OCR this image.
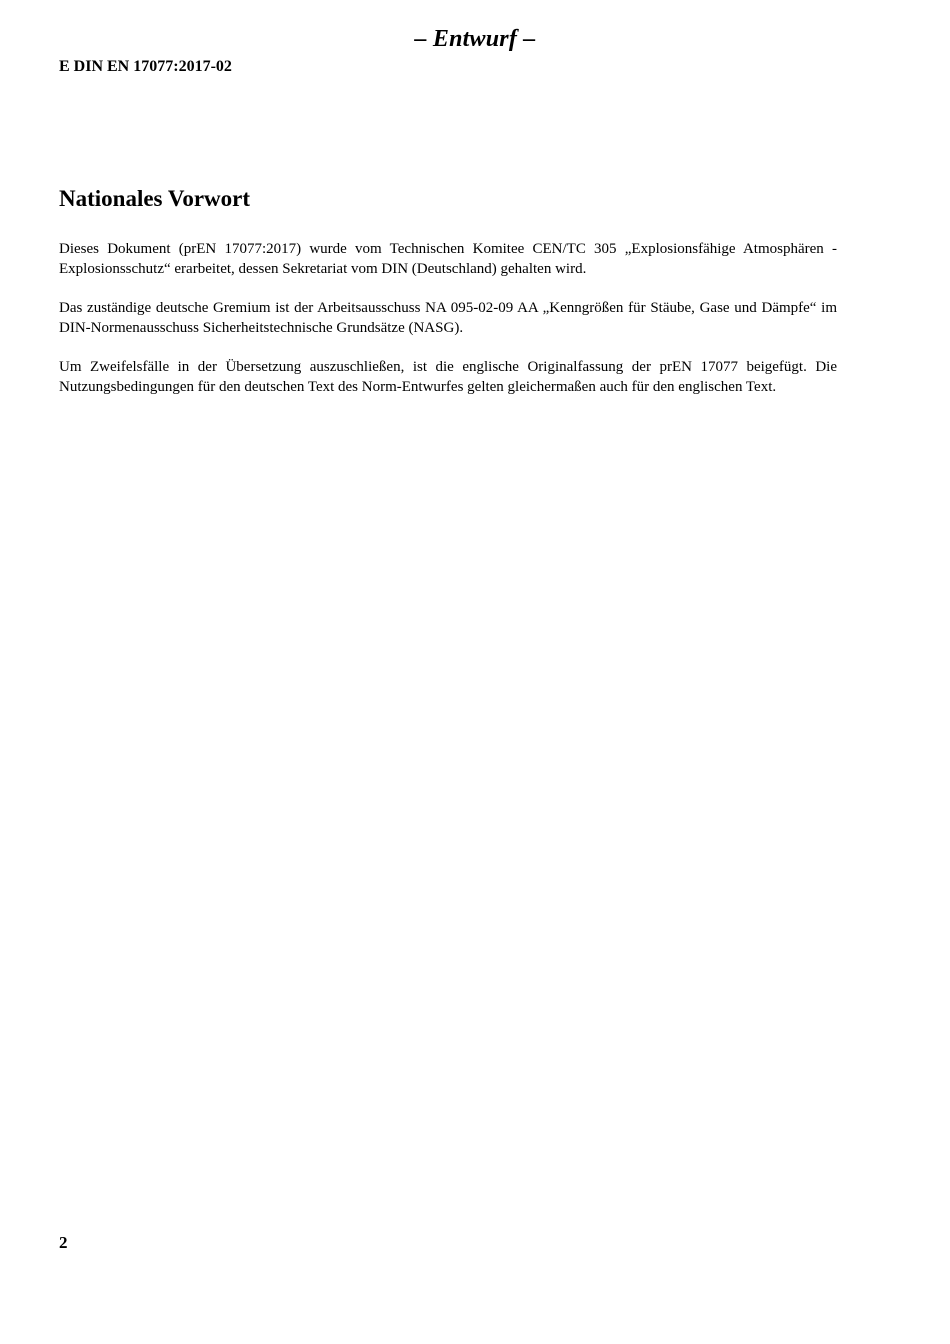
– Entwurf –
E DIN EN 17077:2017-02
Nationales Vorwort

Dieses Dokument (prEN 17077:2017) wurde vom Technischen Komitee CEN/TC 305 „Explosionsfähige Atmosphären - Explosionsschutz“ erarbeitet, dessen Sekretariat vom DIN (Deutschland) gehalten wird.

Das zuständige deutsche Gremium ist der Arbeitsausschuss NA 095-02-09 AA „Kenngrößen für Stäube, Gase und Dämpfe“ im DIN-Normenausschuss Sicherheitstechnische Grundsätze (NASG).

Um Zweifelsfälle in der Übersetzung auszuschließen, ist die englische Originalfassung der prEN 17077 beigefügt. Die Nutzungsbedingungen für den deutschen Text des Norm-Entwurfes gelten gleichermaßen auch für den englischen Text.

2
